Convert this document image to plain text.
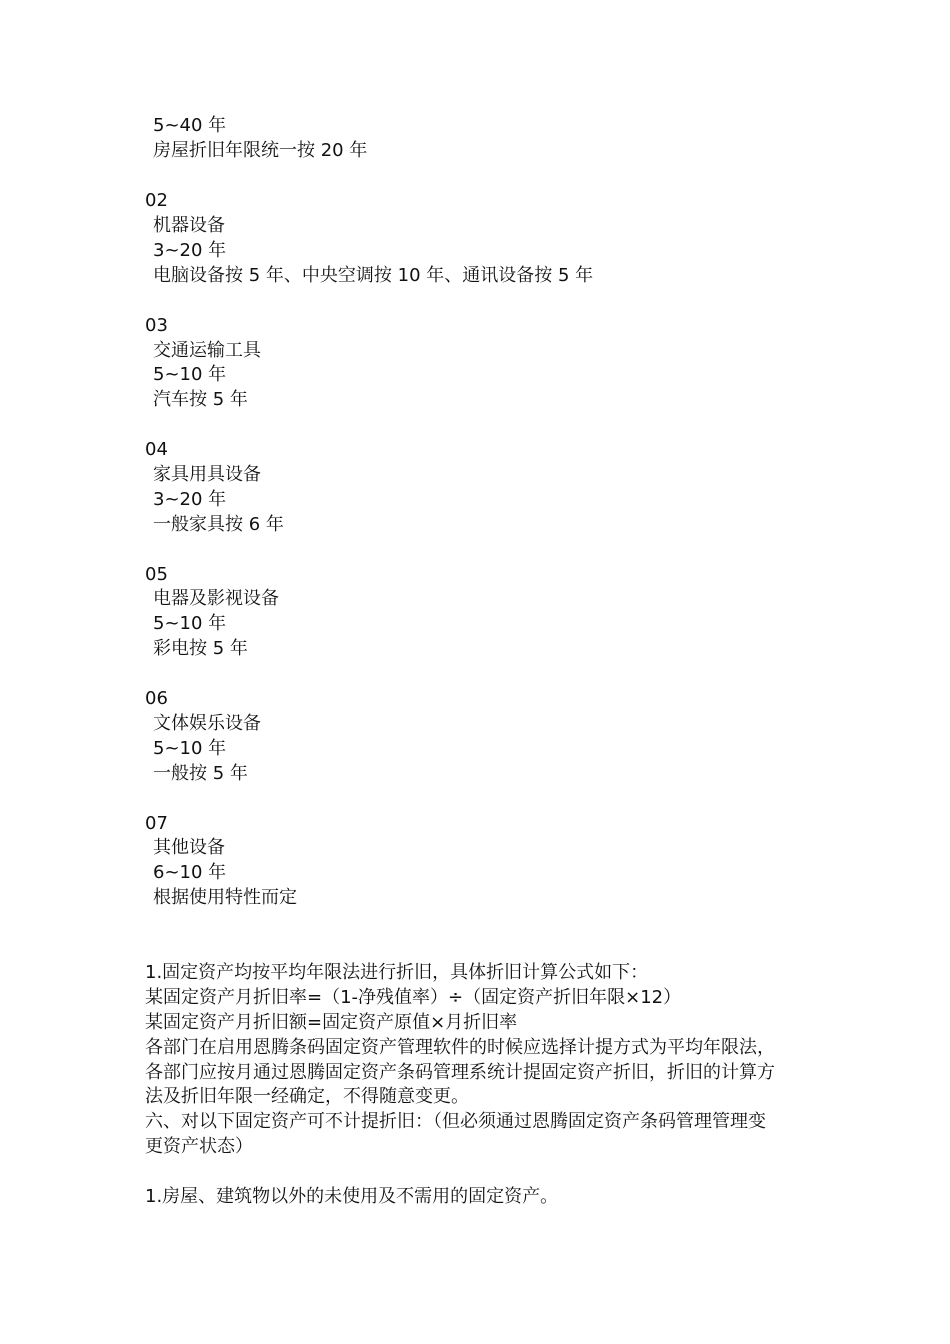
5~40 年
房屋折旧年限统一按 20 年
02
机器设备
3~20 年
电脑设备按 5 年、中央空调按 10 年、通讯设备按 5 年
03
交通运输工具
5~10 年
汽车按 5 年
04
家具用具设备
3~20 年
一般家具按 6 年
05
电器及影视设备
5~10 年
彩电按 5 年
06
文体娱乐设备
5~10 年
一般按 5 年
07
其他设备
6~10 年
根据使用特性而定
1.固定资产均按平均年限法进行折旧，具体折旧计算公式如下：
某固定资产月折旧率=（1-净残值率）÷（固定资产折旧年限×12）
某固定资产月折旧额=固定资产原值×月折旧率
各部门在启用恩腾条码固定资产管理软件的时候应选择计提方式为平均年限法，
各部门应按月通过恩腾固定资产条码管理系统计提固定资产折旧，折旧的计算方
法及折旧年限一经确定，不得随意变更。
六、对以下固定资产可不计提折旧：（但必须通过恩腾固定资产条码管理管理变
更资产状态）
1.房屋、建筑物以外的未使用及不需用的固定资产。
